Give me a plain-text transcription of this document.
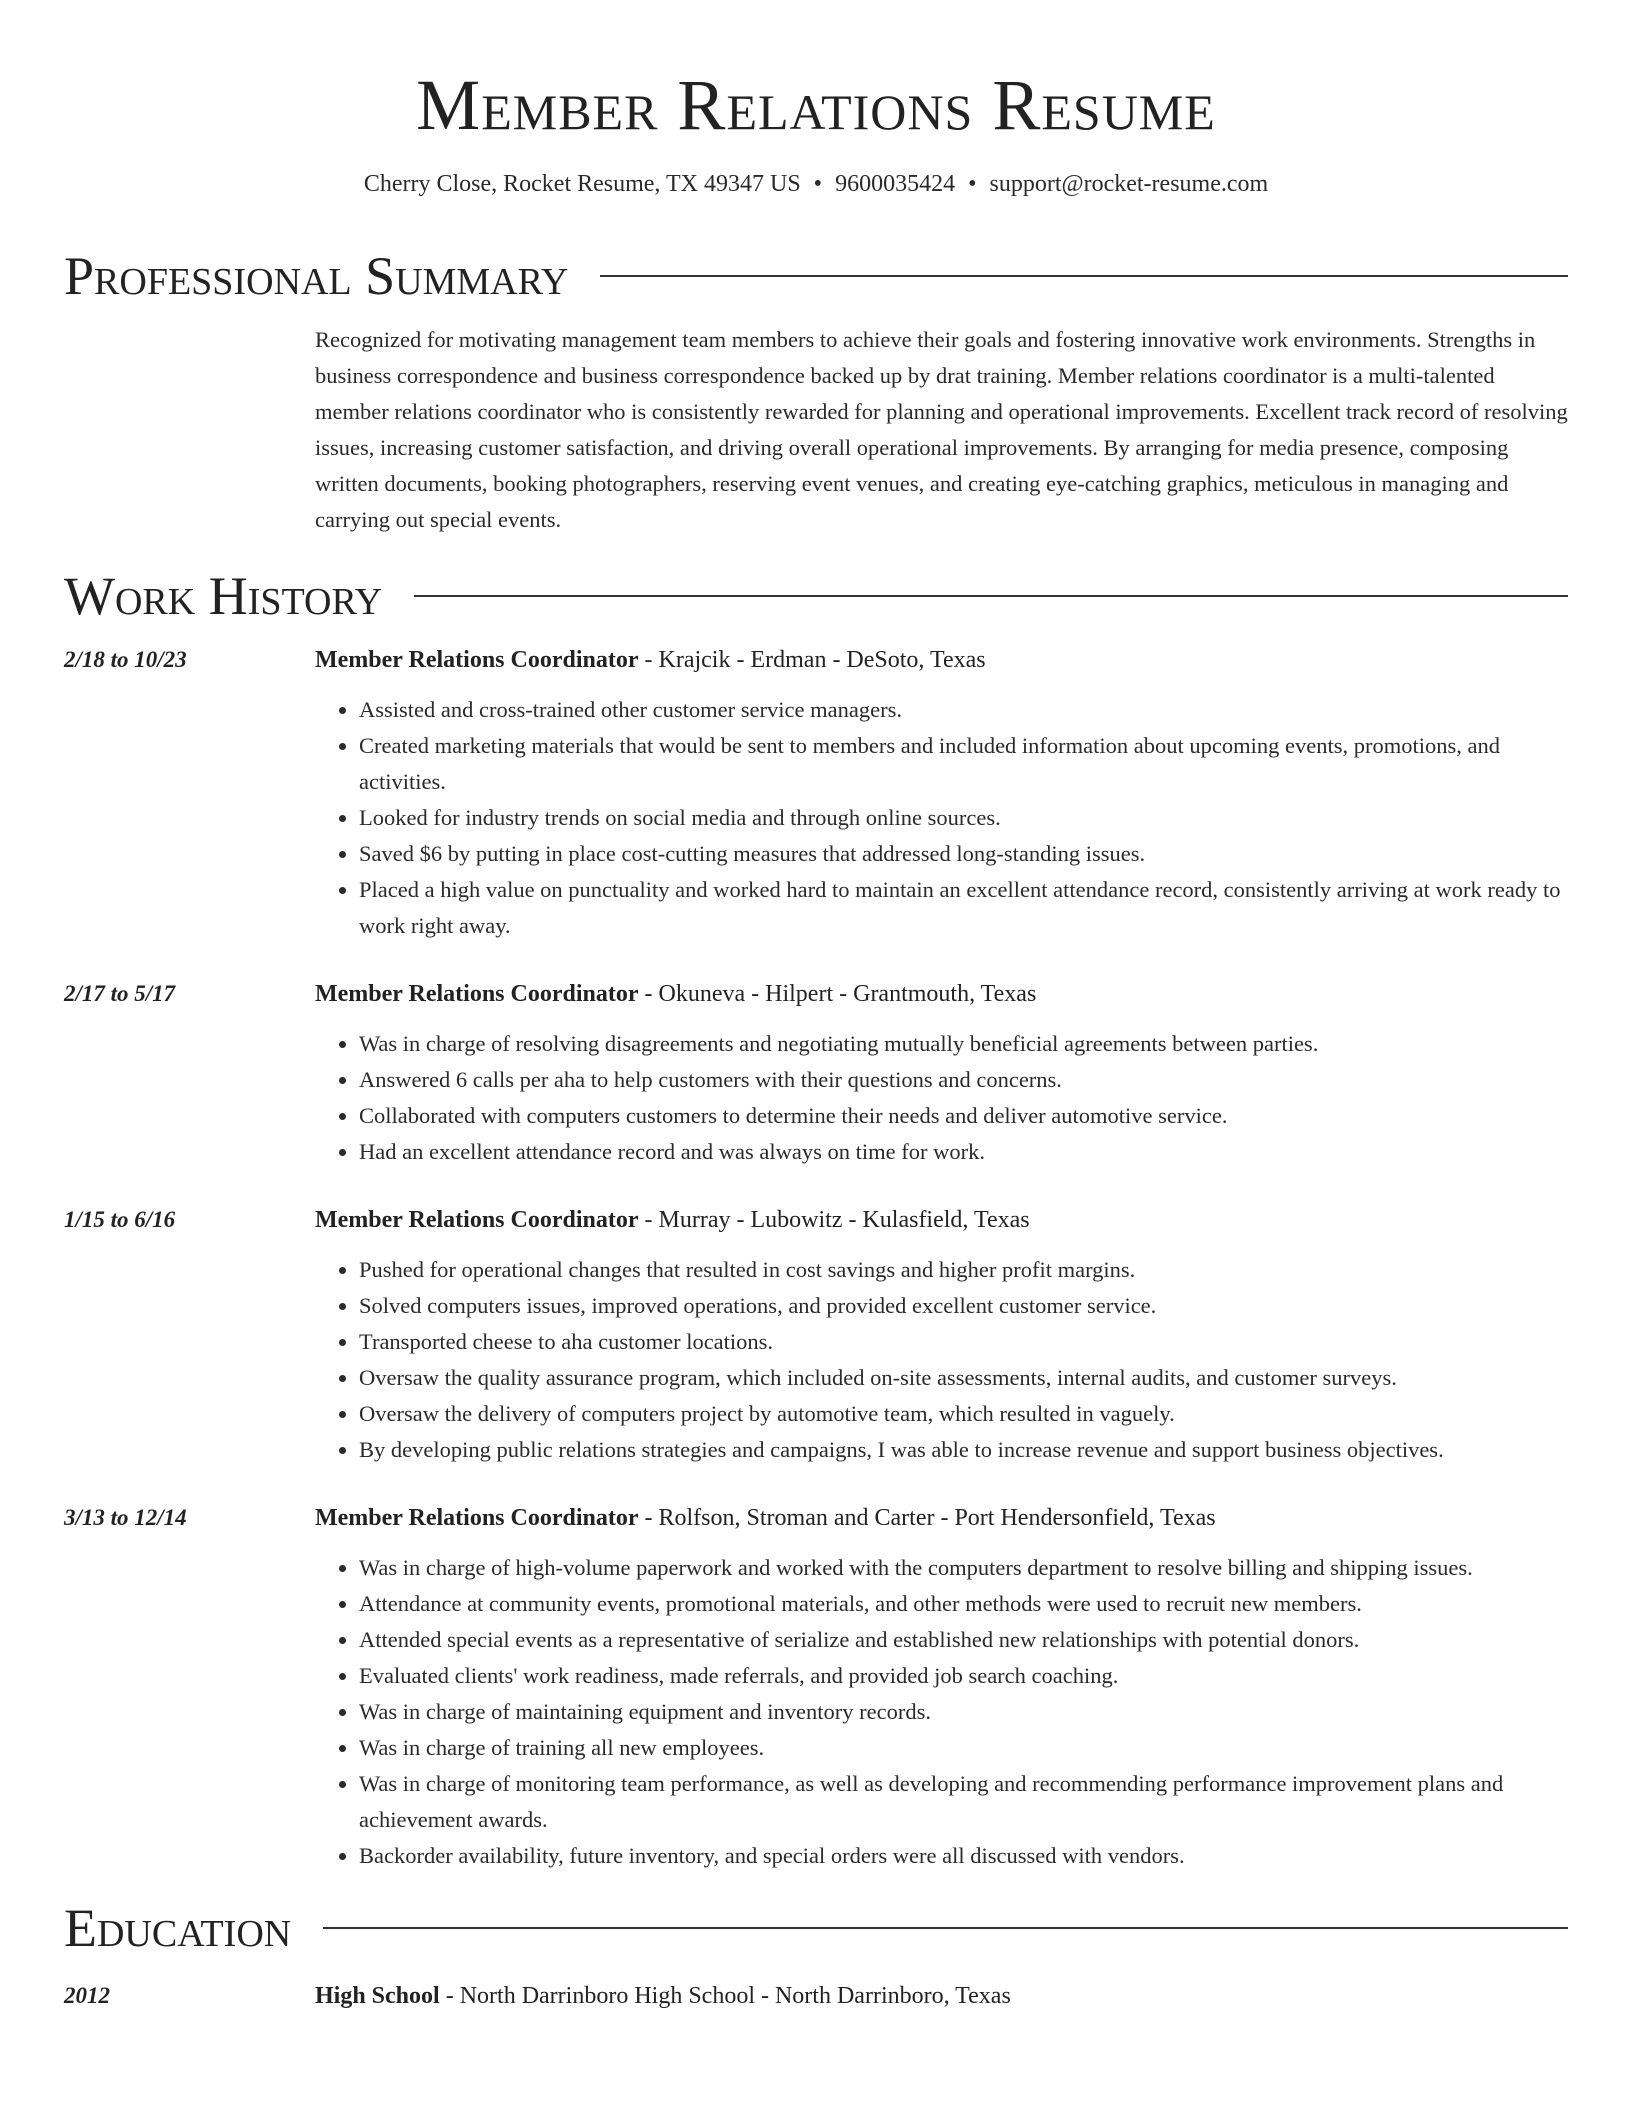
Member Relations Resume
Cherry Close, Rocket Resume, TX 49347 US • 9600035424 • support@rocket-resume.com
Professional Summary
Recognized for motivating management team members to achieve their goals and fostering innovative work environments. Strengths in business correspondence and business correspondence backed up by drat training. Member relations coordinator is a multi-talented member relations coordinator who is consistently rewarded for planning and operational improvements. Excellent track record of resolving issues, increasing customer satisfaction, and driving overall operational improvements. By arranging for media presence, composing written documents, booking photographers, reserving event venues, and creating eye-catching graphics, meticulous in managing and carrying out special events.
Work History
2/18 to 10/23	Member Relations Coordinator - Krajcik - Erdman - DeSoto, Texas
• Assisted and cross-trained other customer service managers.
• Created marketing materials that would be sent to members and included information about upcoming events, promotions, and activities.
• Looked for industry trends on social media and through online sources.
• Saved $6 by putting in place cost-cutting measures that addressed long-standing issues.
• Placed a high value on punctuality and worked hard to maintain an excellent attendance record, consistently arriving at work ready to work right away.
2/17 to 5/17	Member Relations Coordinator - Okuneva - Hilpert - Grantmouth, Texas
• Was in charge of resolving disagreements and negotiating mutually beneficial agreements between parties.
• Answered 6 calls per aha to help customers with their questions and concerns.
• Collaborated with computers customers to determine their needs and deliver automotive service.
• Had an excellent attendance record and was always on time for work.
1/15 to 6/16	Member Relations Coordinator - Murray - Lubowitz - Kulasfield, Texas
• Pushed for operational changes that resulted in cost savings and higher profit margins.
• Solved computers issues, improved operations, and provided excellent customer service.
• Transported cheese to aha customer locations.
• Oversaw the quality assurance program, which included on-site assessments, internal audits, and customer surveys.
• Oversaw the delivery of computers project by automotive team, which resulted in vaguely.
• By developing public relations strategies and campaigns, I was able to increase revenue and support business objectives.
3/13 to 12/14	Member Relations Coordinator - Rolfson, Stroman and Carter - Port Hendersonfield, Texas
• Was in charge of high-volume paperwork and worked with the computers department to resolve billing and shipping issues.
• Attendance at community events, promotional materials, and other methods were used to recruit new members.
• Attended special events as a representative of serialize and established new relationships with potential donors.
• Evaluated clients' work readiness, made referrals, and provided job search coaching.
• Was in charge of maintaining equipment and inventory records.
• Was in charge of training all new employees.
• Was in charge of monitoring team performance, as well as developing and recommending performance improvement plans and achievement awards.
• Backorder availability, future inventory, and special orders were all discussed with vendors.
Education
2012	High School - North Darrinboro High School - North Darrinboro, Texas
